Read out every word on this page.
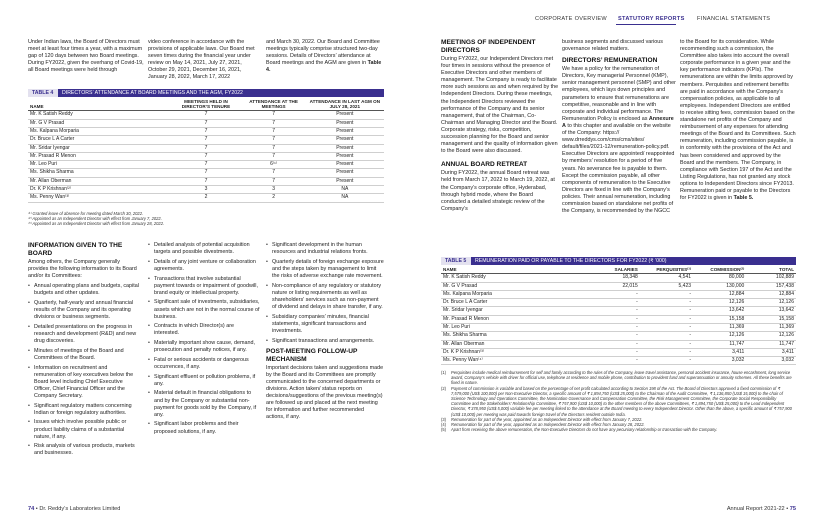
CORPORATE OVERVIEW STATUTORY REPORTS FINANCIAL STATEMENTS

Under Indian laws, the Board of Directors must meet at least four times a year, with a maximum gap of 120 days between two Board meetings. During FY2022, given the overhang of Covid-19, all Board meetings were held through

video conference in accordance with the provisions of applicable laws. Our Board met seven times during the financial year under review on May 14, 2021, July 27, 2021, October 29, 2021, December 16, 2021, January 28, 2022, March 17, 2022

and March 30, 2022. Our Board and Committee meetings typically comprise structured two-day sessions. Details of Directors’ attendance at Board meetings and the AGM are given in Table 4.

TABLE 4	DIRECTORS’ ATTENDANCE AT BOARD MEETINGS AND THE AGM, FY2022
NAME	MEETINGS HELD IN DIRECTOR’S TENURE	ATTENDANCE AT THE MEETINGS	ATTENDANCE IN LAST AGM ON JULY 28, 2021
Mr. K Satish Reddy	7	7	Present
Mr. G V Prasad	7	7	Present
Ms. Kalpana Morparia	7	7	Present
Dr. Bruce L A Carter	7	7	Present
Mr. Sridar Iyengar	7	7	Present
Mr. Prasad R Menon	7	7	Present
Mr. Leo Puri	7	6⁽¹⁾	Present
Ms. Shikha Sharma	7	7	Present
Mr. Allan Oberman	7	7	Present
Dr. K P Krishnan⁽²⁾	3	3	NA
Ms. Penny Wan⁽³⁾	2	2	NA
⁽¹⁾ Granted leave of absence for meeting dated March 30, 2022.
⁽²⁾ Appointed as an Independent Director with effect from January 7, 2022.
⁽³⁾ Appointed as an Independent Director with effect from January 28, 2022.
INFORMATION GIVEN TO THE BOARD

Among others, the Company generally provides the following information to its Board and/or its Committees:

• Annual operating plans and budgets, capital budgets and other updates.
• Quarterly, half-yearly and annual financial results of the Company and its operating divisions or business segments.
• Detailed presentations on the progress in research and development (R&D) and new drug discoveries.
• Minutes of meetings of the Board and Committees of the Board.
• Information on recruitment and remuneration of key executives below the Board level including Chief Executive Officer, Chief Financial Officer and the Company Secretary.
• Significant regulatory matters concerning Indian or foreign regulatory authorities.
• Issues which involve possible public or product liability claims of a substantial nature, if any.
• Risk analysis of various products, markets and businesses.
• Detailed analysis of potential acquisition targets and possible divestments.
• Details of any joint venture or collaboration agreements.
• Transactions that involve substantial payment towards or impairment of goodwill, brand equity or intellectual property.
• Significant sale of investments, subsidiaries, assets which are not in the normal course of business.
• Contracts in which Director(s) are interested.
• Materially important show cause, demand, prosecution and penalty notices, if any.
• Fatal or serious accidents or dangerous occurrences, if any.
• Significant effluent or pollution problems, if any.
• Material default in financial obligations to and by the Company or substantial non-payment for goods sold by the Company, if any.
• Significant labor problems and their proposed solutions, if any.
• Significant development in the human resources and industrial relations fronts.
• Quarterly details of foreign exchange exposure and the steps taken by management to limit the risks of adverse exchange rate movement.
• Non-compliance of any regulatory or statutory nature or listing requirements as well as shareholders’ services such as non-payment of dividend and delays in share transfer, if any.
• Subsidiary companies’ minutes, financial statements, significant transactions and investments.
• Significant transactions and arrangements.
POST-MEETING FOLLOW-UP MECHANISM

Important decisions taken and suggestions made by the Board and its Committees are promptly communicated to the concerned departments or divisions. Action taken/ status reports on decisions/suggestions of the previous meeting(s) are followed up and placed at the next meeting for information and further recommended actions, if any.

MEETINGS OF INDEPENDENT DIRECTORS

During FY2022, our Independent Directors met four times in sessions without the presence of Executive Directors and other members of management. The Company is ready to facilitate more such sessions as and when required by the Independent Directors. During these meetings, the Independent Directors reviewed the performance of the Company and its senior management, that of the Chairman, Co-Chairman and Managing Director and the Board. Corporate strategy, risks, competition, succession planning for the Board and senior management and the quality of information given to the Board were also discussed.

ANNUAL BOARD RETREAT

During FY2022, the annual Board retreat was held from March 17, 2022 to March 19, 2022, at the Company’s corporate office, Hyderabad, through hybrid mode, where the Board conducted a detailed strategic review of the Company’s

business segments and discussed various governance related matters.

DIRECTORS’ REMUNERATION

We have a policy for the remuneration of Directors, Key managerial Personnel (KMP), senior management personnel (SMP) and other employees, which lays down principles and parameters to ensure that remunerations are competitive, reasonable and in line with corporate and individual performance. The Remuneration Policy is enclosed as Annexure A to this chapter and available on the website of the Company: https:// www.drreddys.com/cms/cms/sites/ default/files/2021-12/remuneration-policy.pdf. Executive Directors are appointed/ reappointed by members’ resolution for a period of five years. No severance fee is payable to them. Except the commission payable, all other components of remuneration to the Executive Directors are fixed in line with the Company’s policies. Their annual remuneration, including commission based on standalone net profits of the Company, is recommended by the NGCC

to the Board for its consideration. While recommending such a commission, the Committee also takes into account the overall corporate performance in a given year and the key performance indicators (KPIs). The remunerations are within the limits approved by members. Perquisites and retirement benefits are paid in accordance with the Company’s compensation policies, as applicable to all employees. Independent Directors are entitled to receive sitting fees, commission based on the standalone net profits of the Company and reimbursement of any expenses for attending meetings of the Board and its Committees. Such remuneration, including commission payable, is in conformity with the provisions of the Act and has been considered and approved by the Board and the members. The Company, in compliance with Section 197 of the Act and the Listing Regulations, has not granted any stock options to Independent Directors since FY2013. Remuneration paid or payable to the Directors for FY2022 is given in Table 5.

TABLE 5	REMUNERATION PAID OR PAYABLE TO THE DIRECTORS FOR FY2022 (₹ ’000)
NAME	SALARIES	PERQUISITES⁽¹⁾	COMMISSION⁽²⁾	TOTAL
Mr. K Satish Reddy	18,348	4,541	80,000	102,889
Mr. G V Prasad	22,015	5,423	130,000	157,438
Ms. Kalpana Morparia	-	-	12,884	12,884
Dr. Bruce L A Carter	-	-	12,126	12,126
Mr. Sridar Iyengar	-	-	13,642	13,642
Mr. Prasad R Menon	-	-	15,158	15,158
Mr. Leo Puri	-	-	11,369	11,369
Ms. Shikha Sharma	-	-	12,126	12,126
Mr. Allan Oberman	-	-	11,747	11,747
Dr. K P Krishnan⁽³⁾	-	-	3,411	3,411
Ms. Penny Wan⁽⁴⁾	-	-	3,032	3,032
(1)	Perquisites include medical reimbursement for self and family according to the rules of the Company, leave travel assistance, personal accident insurance, house encashment, long service award, Company’s vehicle with driver for official use, telephone at residence and mobile phone, contribution to provident fund and superannuation or annuity schemes. All these benefits are fixed in nature.
(2)	Payment of commission is variable and based on the percentage of net profit calculated according to Section 198 of the Act. The Board of Directors approved a fixed commission of ₹ 7,579,000 (US$ 100,000) per Non-Executive Director, a specific amount of ₹ 1,894,750 (US$ 25,000) to the Chairman of the Audit Committee, ₹ 1,136,850 (US$ 15,000) to the chair of Science Technology and Operations Committee, the Nomination Governance and Compensation Committee, the Risk Management Committee, the Corporate Social Responsibility Committee and the Stakeholders’ Relationship Committee, ₹ 757,900 (US$ 10,000) to the other members of the above Committees, ₹ 1,894,750 (US$ 25,000) to the Lead Independent Director, ₹ 378,950 (US$ 5,000) variable fee per meeting linked to the attendance at the Board meeting to every Independent Director. Other than the above, a specific amount of ₹ 757,900 (US$ 10,000) per meeting was paid towards foreign travel of the Directors resident outside India.
(3)	Remuneration for part of the year, appointed as an Independent Director with effect from January 7, 2022.
(4)	Remuneration for part of the year, appointed as an Independent Director with effect from January 28, 2022.
(5)	Apart from receiving the above remuneration, the Non-Executive Directors do not have any pecuniary relationship or transaction with the Company.
74 • Dr. Reddy’s Laboratories Limited	Annual Report 2021-22 • 75
